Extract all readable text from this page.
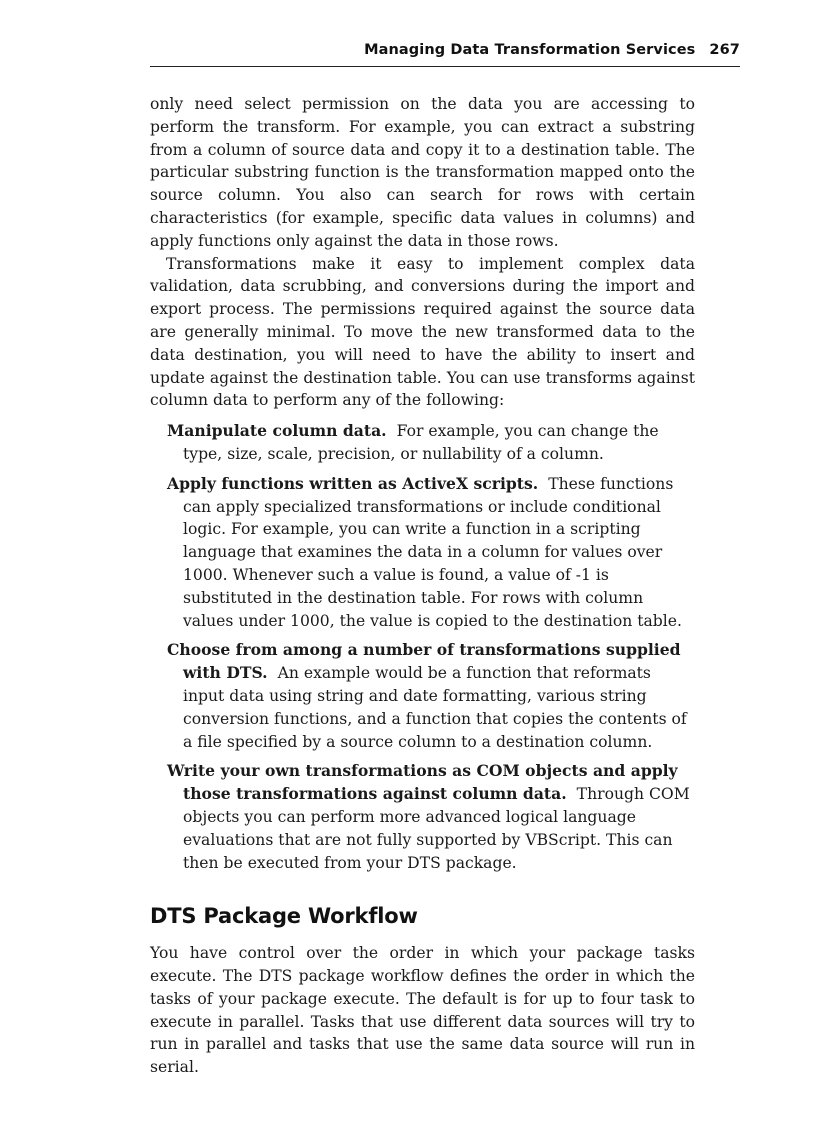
Managing Data Transformation Services 267

only need select permission on the data you are accessing to perform the transform. For example, you can extract a substring from a column of source data and copy it to a destination table. The particular substring function is the transformation mapped onto the source column. You also can search for rows with certain characteristics (for example, specific data values in columns) and apply functions only against the data in those rows.

Transformations make it easy to implement complex data validation, data scrubbing, and conversions during the import and export process. The permissions required against the source data are generally minimal. To move the new transformed data to the data destination, you will need to have the ability to insert and update against the destination table. You can use transforms against column data to perform any of the following:

Manipulate column data. For example, you can change the type, size, scale, precision, or nullability of a column.
Apply functions written as ActiveX scripts. These functions can apply specialized transformations or include conditional logic. For example, you can write a function in a scripting language that examines the data in a column for values over 1000. Whenever such a value is found, a value of -1 is substituted in the destination table. For rows with column values under 1000, the value is copied to the destination table.
Choose from among a number of transformations supplied with DTS. An example would be a function that reformats input data using string and date formatting, various string conversion functions, and a function that copies the contents of a file specified by a source column to a destination column.
Write your own transformations as COM objects and apply those transformations against column data. Through COM objects you can perform more advanced logical language evaluations that are not fully supported by VBScript. This can then be executed from your DTS package.
DTS Package Workflow

You have control over the order in which your package tasks execute. The DTS package workflow defines the order in which the tasks of your package execute. The default is for up to four task to execute in parallel. Tasks that use different data sources will try to run in parallel and tasks that use the same data source will run in serial.
